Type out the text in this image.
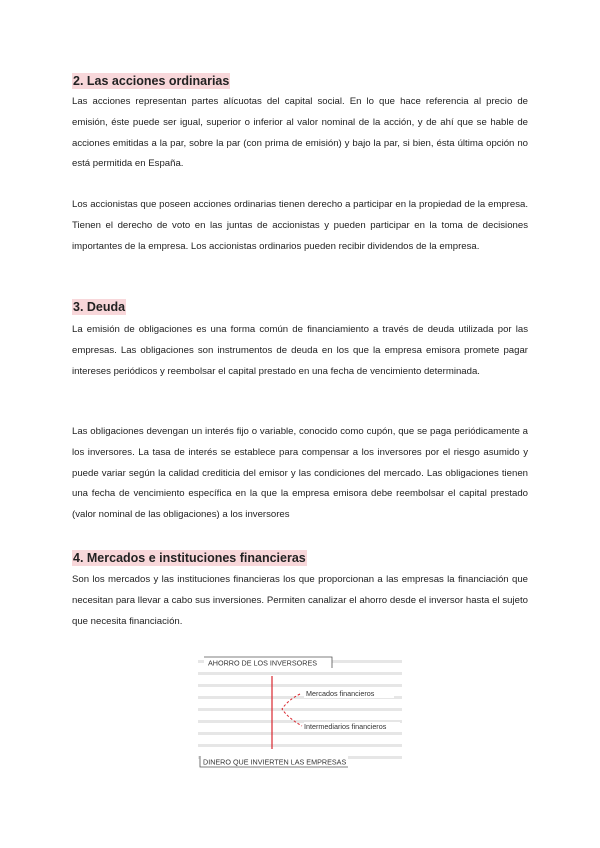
2. Las acciones ordinarias
Las acciones representan partes alícuotas del capital social. En lo que hace referencia al precio de emisión, éste puede ser igual, superior o inferior al valor nominal de la acción, y de ahí que se hable de acciones emitidas a la par, sobre la par (con prima de emisión) y bajo la par, si bien, ésta última opción no está permitida en España.
Los accionistas que poseen acciones ordinarias tienen derecho a participar en la propiedad de la empresa. Tienen el derecho de voto en las juntas de accionistas y pueden participar en la toma de decisiones importantes de la empresa. Los accionistas ordinarios pueden recibir dividendos de la empresa.
3. Deuda
La emisión de obligaciones es una forma común de financiamiento a través de deuda utilizada por las empresas. Las obligaciones son instrumentos de deuda en los que la empresa emisora promete pagar intereses periódicos y reembolsar el capital prestado en una fecha de vencimiento determinada.
Las obligaciones devengan un interés fijo o variable, conocido como cupón, que se paga periódicamente a los inversores. La tasa de interés se establece para compensar a los inversores por el riesgo asumido y puede variar según la calidad crediticia del emisor y las condiciones del mercado. Las obligaciones tienen una fecha de vencimiento específica en la que la empresa emisora debe reembolsar el capital prestado (valor nominal de las obligaciones) a los inversores
4. Mercados e instituciones financieras
Son los mercados y las instituciones financieras los que proporcionan a las empresas la financiación que necesitan para llevar a cabo sus inversiones. Permiten canalizar el ahorro desde el inversor hasta el sujeto que necesita financiación.
AHORRO DE LOS INVERSORES
Mercados financieros
Intermediarios financieros
DINERO QUE INVIERTEN LAS EMPRESAS
